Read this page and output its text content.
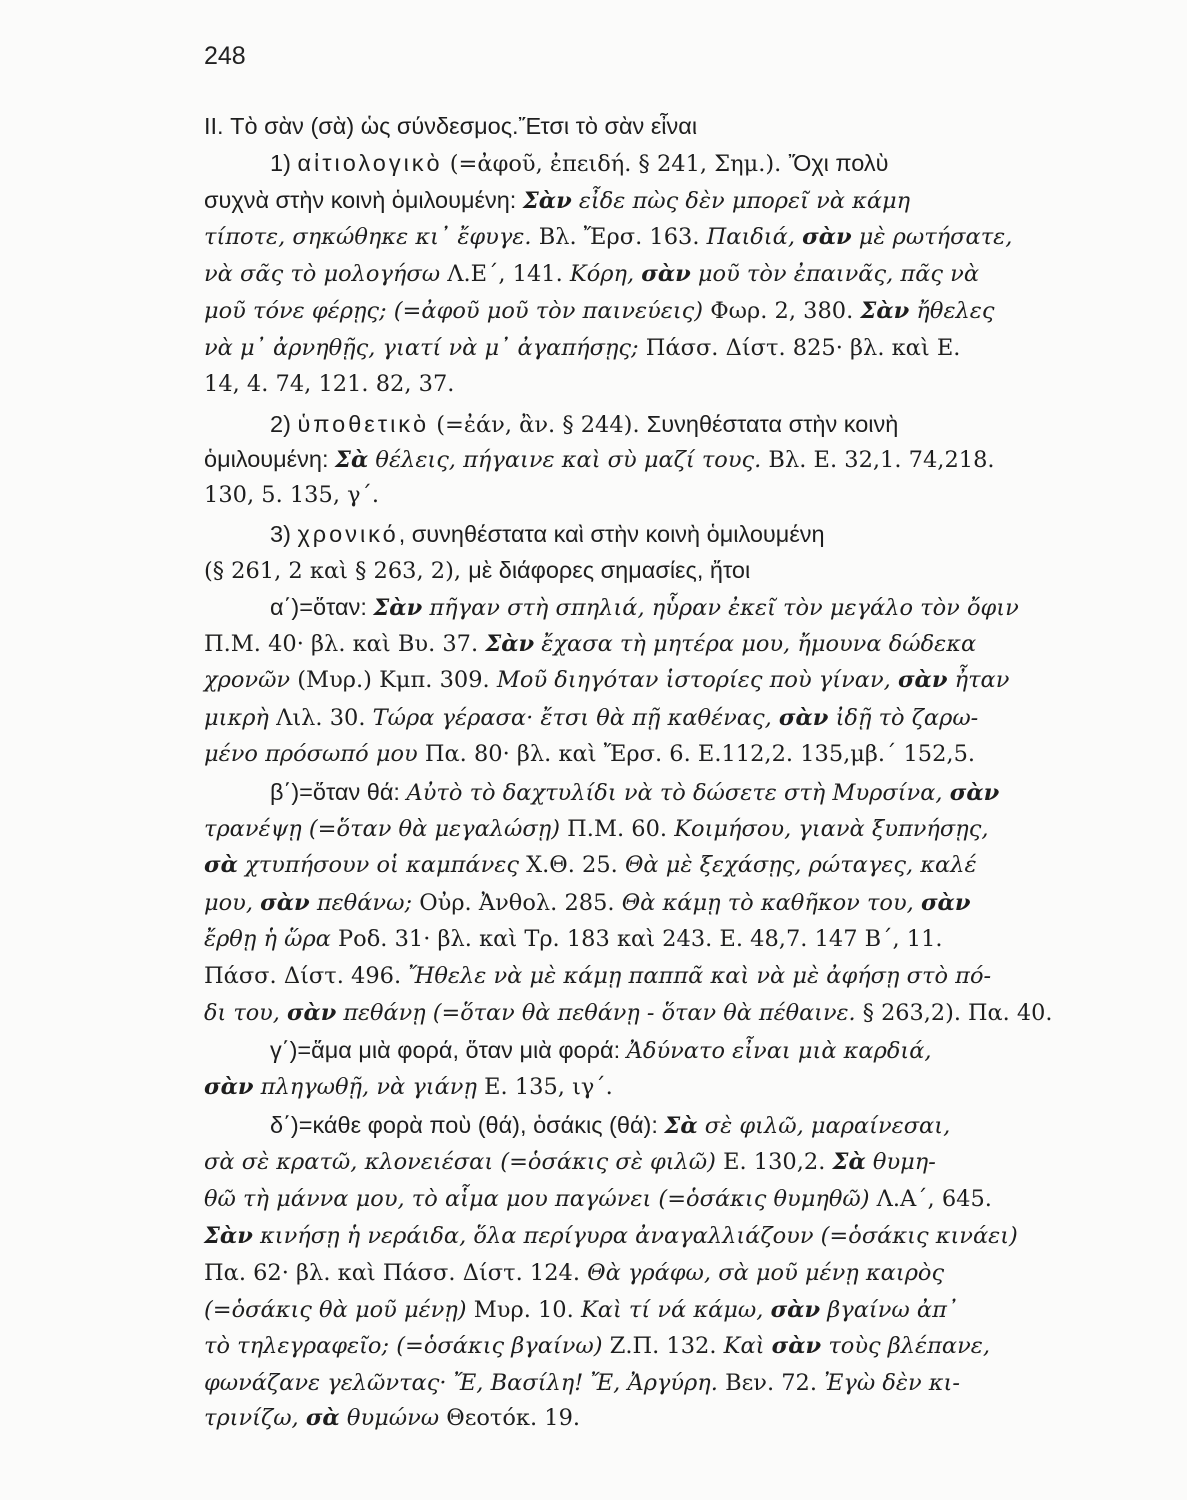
248
II. Τὸ σὰν (σὰ) ὡς σύνδεσμος.Ἔτσι τὸ σὰν εἶναι
1) αἰτιολογικὸ (=ἀφοῦ, ἐπειδή. § 241, Σημ.). Ὄχι πολὺ
συχνὰ στὴν κοινὴ ὁμιλουμένη: Σὰν εἶδε πὼς δὲν μπορεῖ νὰ κάμη
τίποτε, σηκώθηκε κι᾽ ἔφυγε. Βλ. Ἔρσ. 163. Παιδιά, σὰν μὲ ρωτήσατε,
νὰ σᾶς τὸ μολογήσω Λ.Ε΄, 141. Κόρη, σὰν μοῦ τὸν ἐπαινᾶς, πᾶς νὰ
μοῦ τόνε φέρῃς; (=ἀφοῦ μοῦ τὸν παινεύεις) Φωρ. 2, 380. Σὰν ἤθελες
νὰ μ᾽ ἀρνηθῇς, γιατί νὰ μ᾽ ἀγαπήσῃς; Πάσσ. Δίστ. 825· βλ. καὶ Ε.
14, 4. 74, 121. 82, 37.
2) ὑποθετικὸ (=ἐάν, ἂν. § 244). Συνηθέστατα στὴν κοινὴ
ὁμιλουμένη: Σὰ θέλεις, πήγαινε καὶ σὺ μαζί τους. Βλ. Ε. 32,1. 74,218.
130, 5. 135, γ΄.
3) χρονικό, συνηθέστατα καὶ στὴν κοινὴ ὁμιλουμένη
(§ 261, 2 καὶ § 263, 2), μὲ διάφορες σημασίες, ἤτοι
α΄)=ὅταν: Σὰν πῆγαν στὴ σπηλιά, ηὗραν ἐκεῖ τὸν μεγάλο τὸν ὄφιν
Π.Μ. 40· βλ. καὶ Βυ. 37. Σὰν ἔχασα τὴ μητέρα μου, ἤμουνα δώδεκα
χρονῶν (Μυρ.) Κμπ. 309. Μοῦ διηγόταν ἱστορίες ποὺ γίναν, σὰν ἦταν
μικρὴ Λιλ. 30. Τώρα γέρασα· ἔτσι θὰ πῇ καθένας, σὰν ἰδῇ τὸ ζαρω-
μένο πρόσωπό μου Πα. 80· βλ. καὶ Ἔρσ. 6. Ε.112,2. 135,μβ.΄ 152,5.
β΄)=ὅταν θά: Αὐτὸ τὸ δαχτυλίδι νὰ τὸ δώσετε στὴ Μυρσίνα, σὰν
τρανέψῃ (=ὅταν θὰ μεγαλώσῃ) Π.Μ. 60. Κοιμήσου, γιανὰ ξυπνήσῃς,
σὰ χτυπήσουν οἱ καμπάνες Χ.Θ. 25. Θὰ μὲ ξεχάσῃς, ρώταγες, καλέ
μου, σὰν πεθάνω; Οὐρ. Ἀνθολ. 285. Θὰ κάμῃ τὸ καθῆκον του, σὰν
ἔρθῃ ἡ ὥρα Ροδ. 31· βλ. καὶ Τρ. 183 καὶ 243. Ε. 48,7. 147 Β΄, 11.
Πάσσ. Δίστ. 496. Ἤθελε νὰ μὲ κάμῃ παππᾶ καὶ νὰ μὲ ἀφήσῃ στὸ πό-
δι του, σὰν πεθάνῃ (=ὅταν θὰ πεθάνῃ - ὅταν θὰ πέθαινε. § 263,2). Πα. 40.
γ΄)=ἅμα μιὰ φορά, ὅταν μιὰ φορά: Ἀδύνατο εἶναι μιὰ καρδιά,
σὰν πληγωθῇ, νὰ γιάνῃ Ε. 135, ιγ΄.
δ΄)=κάθε φορὰ ποὺ (θά), ὁσάκις (θά): Σὰ σὲ φιλῶ, μαραίνεσαι,
σὰ σὲ κρατῶ, κλονειέσαι (=ὁσάκις σὲ φιλῶ) Ε. 130,2. Σὰ θυμη-
θῶ τὴ μάννα μου, τὸ αἷμα μου παγώνει (=ὁσάκις θυμηθῶ) Λ.Α΄, 645.
Σὰν κινήσῃ ἡ νεράιδα, ὅλα περίγυρα ἀναγαλλιάζουν (=ὁσάκις κινάει)
Πα. 62· βλ. καὶ Πάσσ. Δίστ. 124. Θὰ γράφω, σὰ μοῦ μένῃ καιρὸς
(=ὁσάκις θὰ μοῦ μένῃ) Μυρ. 10. Καὶ τί νά κάμω, σὰν βγαίνω ἀπ᾽
τὸ τηλεγραφεῖο; (=ὁσάκις βγαίνω) Ζ.Π. 132. Καὶ σὰν τοὺς βλέπανε,
φωνάζανε γελῶντας· Ἔ, Βασίλη! Ἔ, Ἀργύρη. Βεν. 72. Ἐγὼ δὲν κι-
τρινίζω, σὰ θυμώνω Θεοτόκ. 19.
